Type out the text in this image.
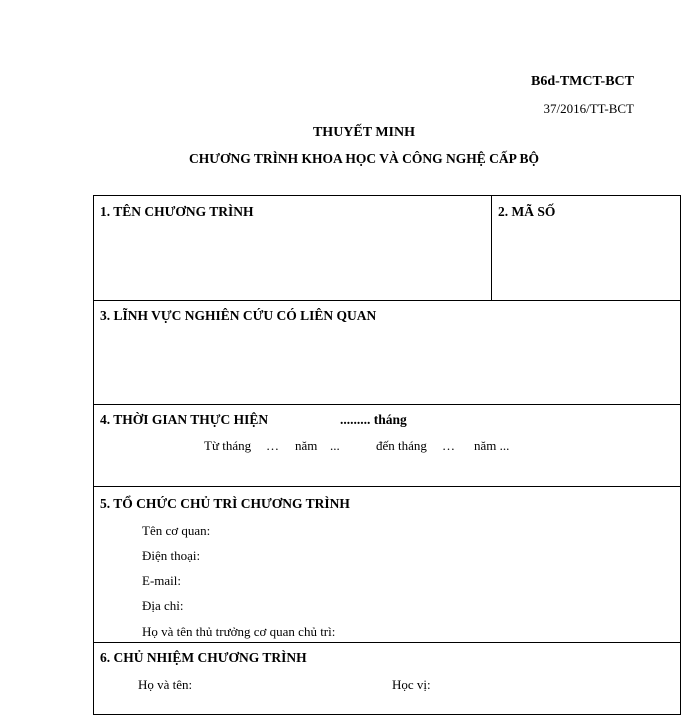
B6d-TMCT-BCT
37/2016/TT-BCT
THUYẾT MINH
CHƯƠNG TRÌNH KHOA HỌC VÀ CÔNG NGHỆ CẤP BỘ
1. TÊN CHƯƠNG TRÌNH	2. MÃ SỐ
3. LĨNH VỰC NGHIÊN CỨU CÓ LIÊN QUAN
4. THỜI GIAN THỰC HIỆN	......... tháng
Từ tháng … năm ...	đến tháng … năm ...
5. TỔ CHỨC CHỦ TRÌ CHƯƠNG TRÌNH
Tên cơ quan:
Điện thoại:
E-mail:
Địa chỉ:
Họ và tên thủ trưởng cơ quan chủ trì:
6. CHỦ NHIỆM CHƯƠNG TRÌNH
Họ và tên:	Học vị:
